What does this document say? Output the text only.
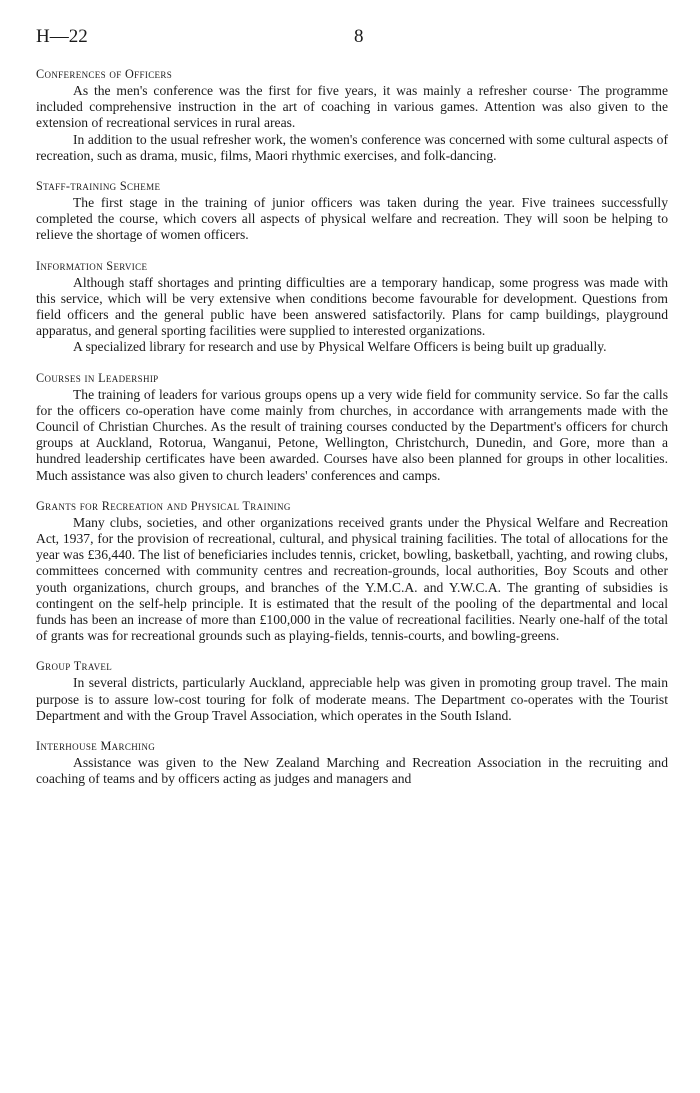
H—22	8
Conferences of Officers

As the men's conference was the first for five years, it was mainly a refresher course· The programme included comprehensive instruction in the art of coaching in various games. Attention was also given to the extension of recreational services in rural areas.

In addition to the usual refresher work, the women's conference was concerned with some cultural aspects of recreation, such as drama, music, films, Maori rhythmic exercises, and folk-dancing.

Staff-training Scheme

The first stage in the training of junior officers was taken during the year. Five trainees successfully completed the course, which covers all aspects of physical welfare and recreation. They will soon be helping to relieve the shortage of women officers.

Information Service

Although staff shortages and printing difficulties are a temporary handicap, some progress was made with this service, which will be very extensive when conditions become favourable for development. Questions from field officers and the general public have been answered satisfactorily. Plans for camp buildings, playground apparatus, and general sporting facilities were supplied to interested organizations.

A specialized library for research and use by Physical Welfare Officers is being built up gradually.

Courses in Leadership

The training of leaders for various groups opens up a very wide field for community service. So far the calls for the officers co-operation have come mainly from churches, in accordance with arrangements made with the Council of Christian Churches. As the result of training courses conducted by the Department's officers for church groups at Auckland, Rotorua, Wanganui, Petone, Wellington, Christchurch, Dunedin, and Gore, more than a hundred leadership certificates have been awarded. Courses have also been planned for groups in other localities. Much assistance was also given to church leaders' conferences and camps.

Grants for Recreation and Physical Training

Many clubs, societies, and other organizations received grants under the Physical Welfare and Recreation Act, 1937, for the provision of recreational, cultural, and physical training facilities. The total of allocations for the year was £36,440. The list of beneficiaries includes tennis, cricket, bowling, basketball, yachting, and rowing clubs, committees concerned with community centres and recreation-grounds, local authorities, Boy Scouts and other youth organizations, church groups, and branches of the Y.M.C.A. and Y.W.C.A. The granting of subsidies is contingent on the self-help principle. It is estimated that the result of the pooling of the departmental and local funds has been an increase of more than £100,000 in the value of recreational facilities. Nearly one-half of the total of grants was for recreational grounds such as playing-fields, tennis-courts, and bowling-greens.

Group Travel

In several districts, particularly Auckland, appreciable help was given in promoting group travel. The main purpose is to assure low-cost touring for folk of moderate means. The Department co-operates with the Tourist Department and with the Group Travel Association, which operates in the South Island.

Interhouse Marching

Assistance was given to the New Zealand Marching and Recreation Association in the recruiting and coaching of teams and by officers acting as judges and managers and
